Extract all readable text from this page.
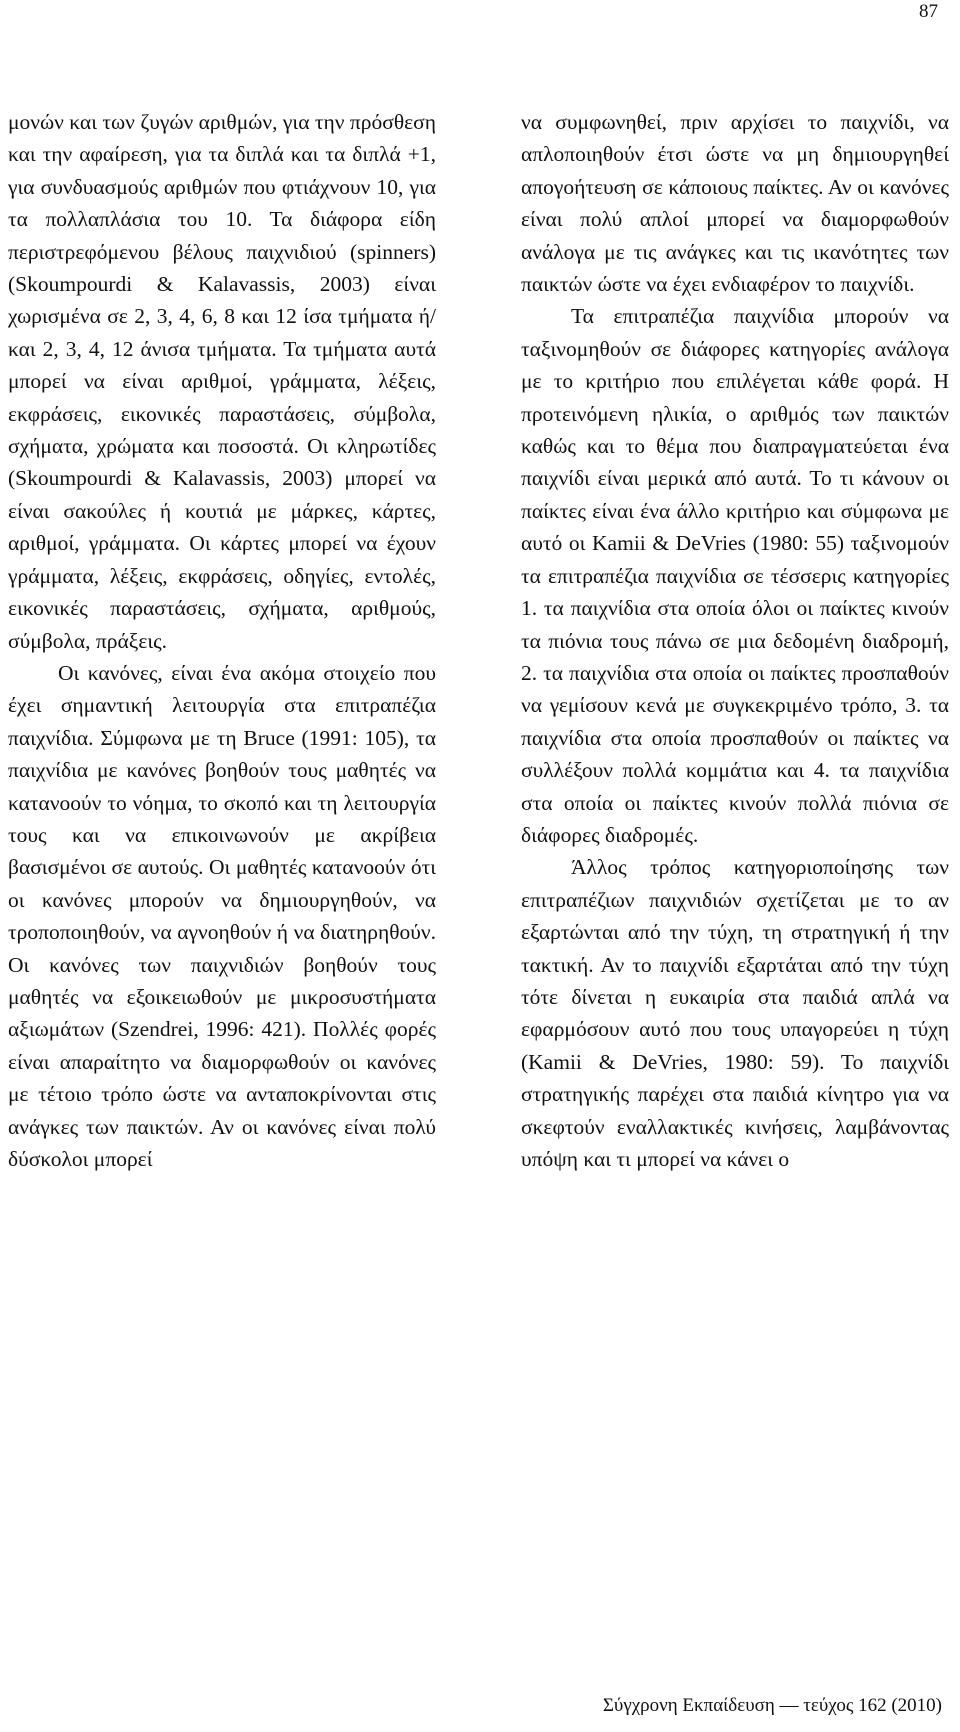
87

μονών και των ζυγών αριθμών, για την πρόσθεση και την αφαίρεση, για τα διπλά και τα διπλά +1, για συνδυασμούς αριθμών που φτιάχνουν 10, για τα πολλαπλάσια του 10. Τα διάφορα είδη περιστρεφόμενου βέλους παιχνιδιού (spinners) (Skoumpourdi & Kalavassis, 2003) είναι χωρισμένα σε 2, 3, 4, 6, 8 και 12 ίσα τμήματα ή/και 2, 3, 4, 12 άνισα τμήματα. Τα τμήματα αυτά μπορεί να είναι αριθμοί, γράμματα, λέξεις, εκφράσεις, εικονικές παραστάσεις, σύμβολα, σχήματα, χρώματα και ποσοστά. Οι κληρωτίδες (Skoumpourdi & Kalavassis, 2003) μπορεί να είναι σακούλες ή κουτιά με μάρκες, κάρτες, αριθμοί, γράμματα. Οι κάρτες μπορεί να έχουν γράμματα, λέξεις, εκφράσεις, οδηγίες, εντολές, εικονικές παραστάσεις, σχήματα, αριθμούς, σύμβολα, πράξεις.

Οι κανόνες, είναι ένα ακόμα στοιχείο που έχει σημαντική λειτουργία στα επιτραπέζια παιχνίδια. Σύμφωνα με τη Bruce (1991: 105), τα παιχνίδια με κανόνες βοηθούν τους μαθητές να κατανοούν το νόημα, το σκοπό και τη λειτουργία τους και να επικοινωνούν με ακρίβεια βασισμένοι σε αυτούς. Οι μαθητές κατανοούν ότι οι κανόνες μπορούν να δημιουργηθούν, να τροποποιηθούν, να αγνοηθούν ή να διατηρηθούν. Οι κανόνες των παιχνιδιών βοηθούν τους μαθητές να εξοικειωθούν με μικροσυστήματα αξιωμάτων (Szendrei, 1996: 421). Πολλές φορές είναι απαραίτητο να διαμορφωθούν οι κανόνες με τέτοιο τρόπο ώστε να ανταποκρίνονται στις ανάγκες των παικτών. Αν οι κανόνες είναι πολύ δύσκολοι μπορεί

να συμφωνηθεί, πριν αρχίσει το παιχνίδι, να απλοποιηθούν έτσι ώστε να μη δημιουργηθεί απογοήτευση σε κάποιους παίκτες. Αν οι κανόνες είναι πολύ απλοί μπορεί να διαμορφωθούν ανάλογα με τις ανάγκες και τις ικανότητες των παικτών ώστε να έχει ενδιαφέρον το παιχνίδι.

Τα επιτραπέζια παιχνίδια μπορούν να ταξινομηθούν σε διάφορες κατηγορίες ανάλογα με το κριτήριο που επιλέγεται κάθε φορά. Η προτεινόμενη ηλικία, ο αριθμός των παικτών καθώς και το θέμα που διαπραγματεύεται ένα παιχνίδι είναι μερικά από αυτά. Το τι κάνουν οι παίκτες είναι ένα άλλο κριτήριο και σύμφωνα με αυτό οι Kamii & DeVries (1980: 55) ταξινομούν τα επιτραπέζια παιχνίδια σε τέσσερις κατηγορίες 1. τα παιχνίδια στα οποία όλοι οι παίκτες κινούν τα πιόνια τους πάνω σε μια δεδομένη διαδρομή, 2. τα παιχνίδια στα οποία οι παίκτες προσπαθούν να γεμίσουν κενά με συγκεκριμένο τρόπο, 3. τα παιχνίδια στα οποία προσπαθούν οι παίκτες να συλλέξουν πολλά κομμάτια και 4. τα παιχνίδια στα οποία οι παίκτες κινούν πολλά πιόνια σε διάφορες διαδρομές.

Άλλος τρόπος κατηγοριοποίησης των επιτραπέζιων παιχνιδιών σχετίζεται με το αν εξαρτώνται από την τύχη, τη στρατηγική ή την τακτική. Αν το παιχνίδι εξαρτάται από την τύχη τότε δίνεται η ευκαιρία στα παιδιά απλά να εφαρμόσουν αυτό που τους υπαγορεύει η τύχη (Kamii & DeVries, 1980: 59). Το παιχνίδι στρατηγικής παρέχει στα παιδιά κίνητρο για να σκεφτούν εναλλακτικές κινήσεις, λαμβάνοντας υπόψη και τι μπορεί να κάνει ο

Σύγχρονη Εκπαίδευση — τεύχος 162 (2010)
